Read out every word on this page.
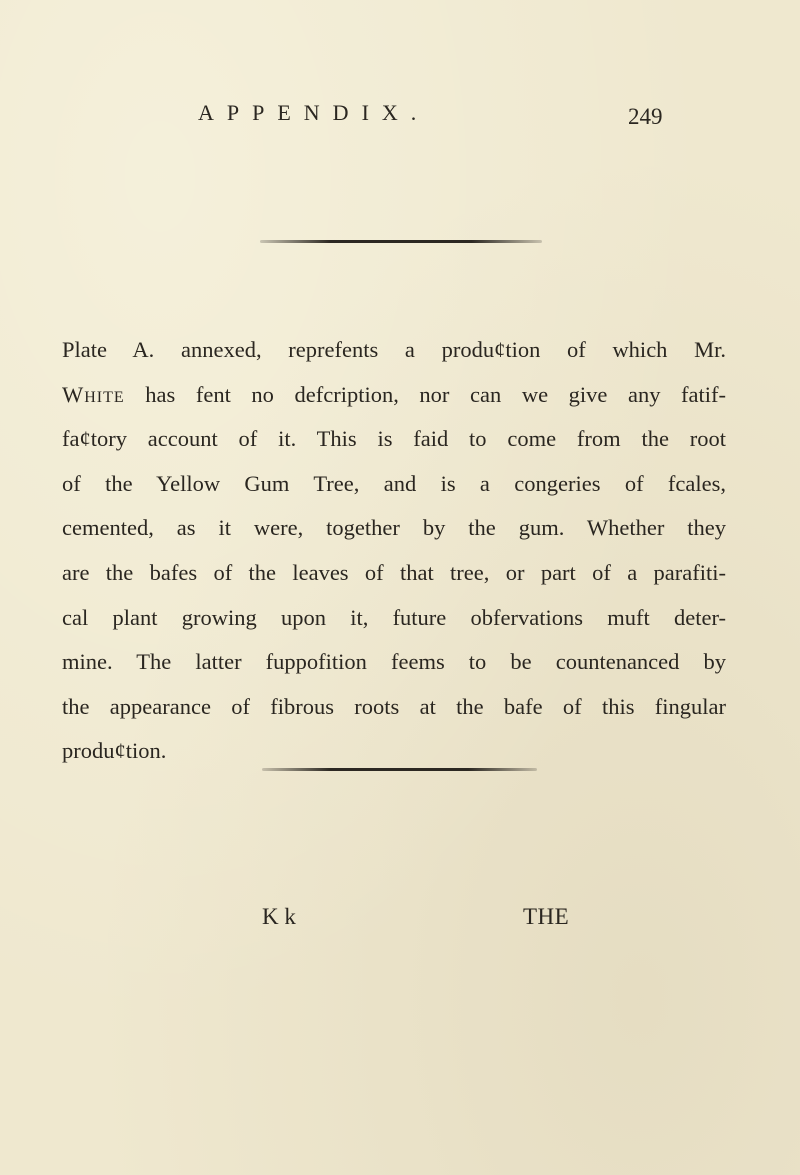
APPENDIX.	249
Plate A. annexed, reprefents a produ¢tion of which Mr.
White has fent no defcription, nor can we give any fatif-
fa¢tory account of it. This is faid to come from the root
of the Yellow Gum Tree, and is a congeries of fcales,
cemented, as it were, together by the gum. Whether they
are the bafes of the leaves of that tree, or part of a parafiti-
cal plant growing upon it, future obfervations muft deter-
mine. The latter fuppofition feems to be countenanced by
the appearance of fibrous roots at the bafe of this fingular
produ¢tion.
K k	THE
